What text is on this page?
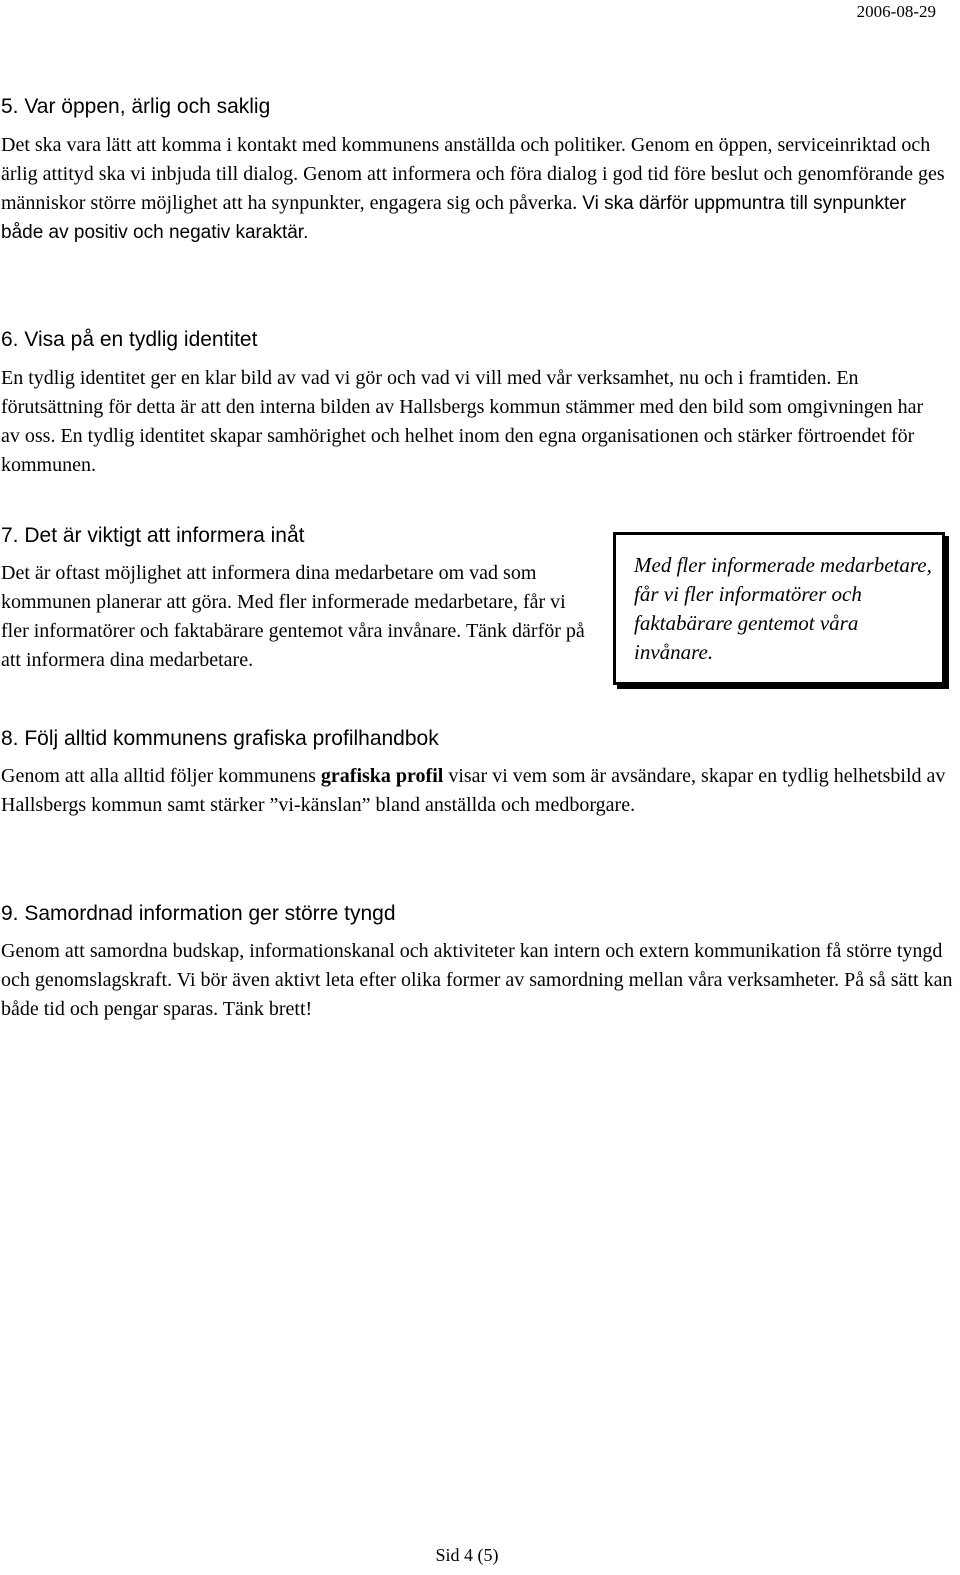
2006-08-29
5. Var öppen, ärlig och saklig

Det ska vara lätt att komma i kontakt med kommunens anställda och politiker. Genom en öppen, serviceinriktad och ärlig attityd ska vi inbjuda till dialog. Genom att informera och föra dialog i god tid före beslut och genomförande ges människor större möjlighet att ha synpunkter, engagera sig och påverka. Vi ska därför uppmuntra till synpunkter både av positiv och negativ karaktär.

6. Visa på en tydlig identitet

En tydlig identitet ger en klar bild av vad vi gör och vad vi vill med vår verksamhet, nu och i framtiden. En förutsättning för detta är att den interna bilden av Hallsbergs kommun stämmer med den bild som omgivningen har av oss. En tydlig identitet skapar samhörighet och helhet inom den egna organisationen och stärker förtroendet för kommunen.

7. Det är viktigt att informera inåt

Det är oftast möjlighet att informera dina medarbetare om vad som kommunen planerar att göra. Med fler informerade medarbetare, får vi fler informatörer och faktabärare gentemot våra invånare. Tänk därför på att informera dina medarbetare.

Med fler informerade medarbetare, får vi fler informatörer och faktabärare gentemot våra invånare.
8. Följ alltid kommunens grafiska profilhandbok

Genom att alla alltid följer kommunens grafiska profil visar vi vem som är avsändare, skapar en tydlig helhetsbild av Hallsbergs kommun samt stärker ”vi-känslan” bland anställda och medborgare.

9. Samordnad information ger större tyngd

Genom att samordna budskap, informationskanal och aktiviteter kan intern och extern kommunikation få större tyngd och genomslagskraft. Vi bör även aktivt leta efter olika former av samordning mellan våra verksamheter. På så sätt kan både tid och pengar sparas. Tänk brett!

Sid 4 (5)
